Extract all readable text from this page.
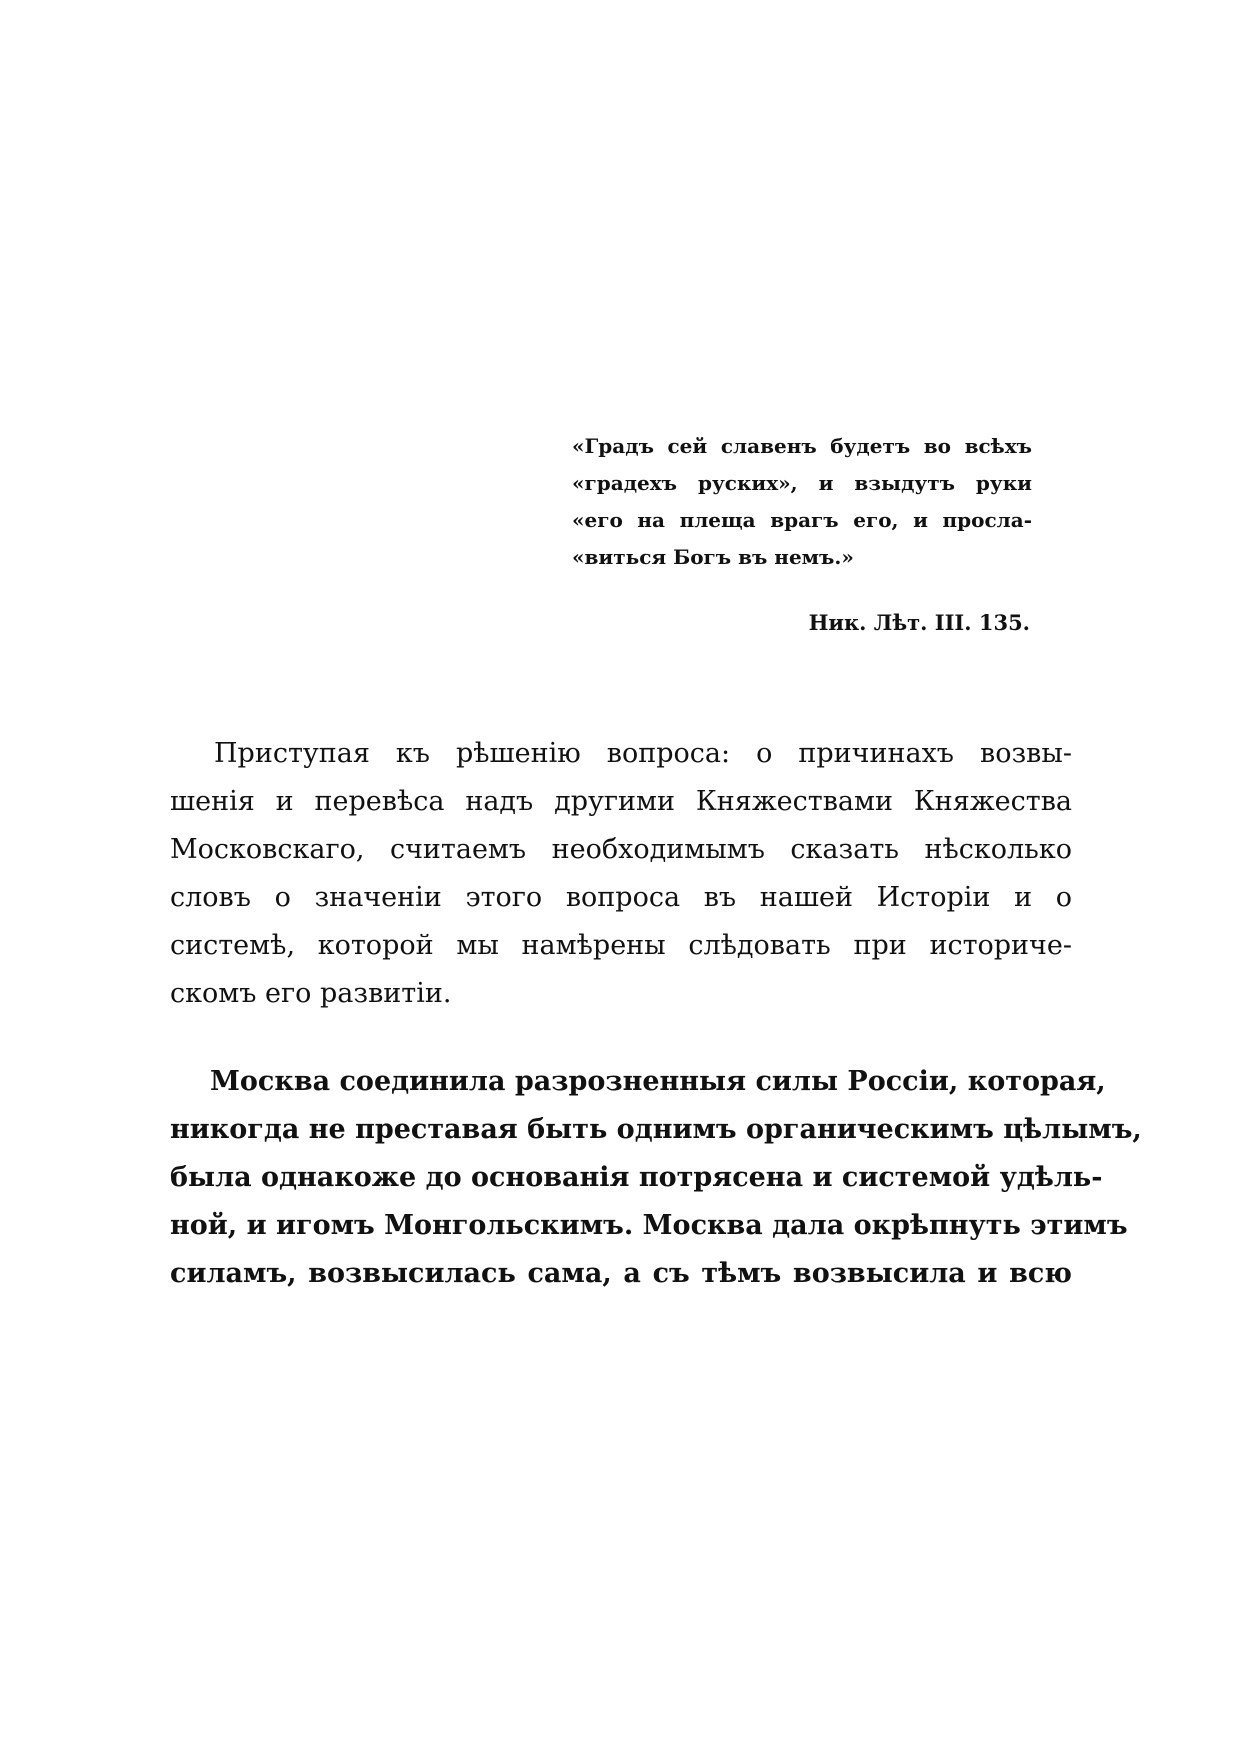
«Градъ сей славенъ будетъ во всѣхъ
«градехъ руских», и взыдутъ руки
«его на плеща врагъ его, и просла-
«виться Богъ въ немъ.»
Ник. Лѣт. III. 135.
Приступая къ рѣшенію вопроса: о причинахъ возвы-
шенія и перевѣса надъ другими Княжествами Княжества
Московскаго, считаемъ необходимымъ сказать нѣсколько
словъ о значеніи этого вопроса въ нашей Исторіи и о
системѣ, которой мы намѣрены слѣдовать при историче-
скомъ его развитіи.
Москва соединила разрозненныя силы Россіи, которая,
никогда не преставая быть однимъ органическимъ цѣлымъ,
была однакоже до основанія потрясена и системой удѣль-
ной, и игомъ Монгольскимъ. Москва дала окрѣпнуть этимъ
силамъ, возвысилась сама, а съ тѣмъ возвысила и всю
